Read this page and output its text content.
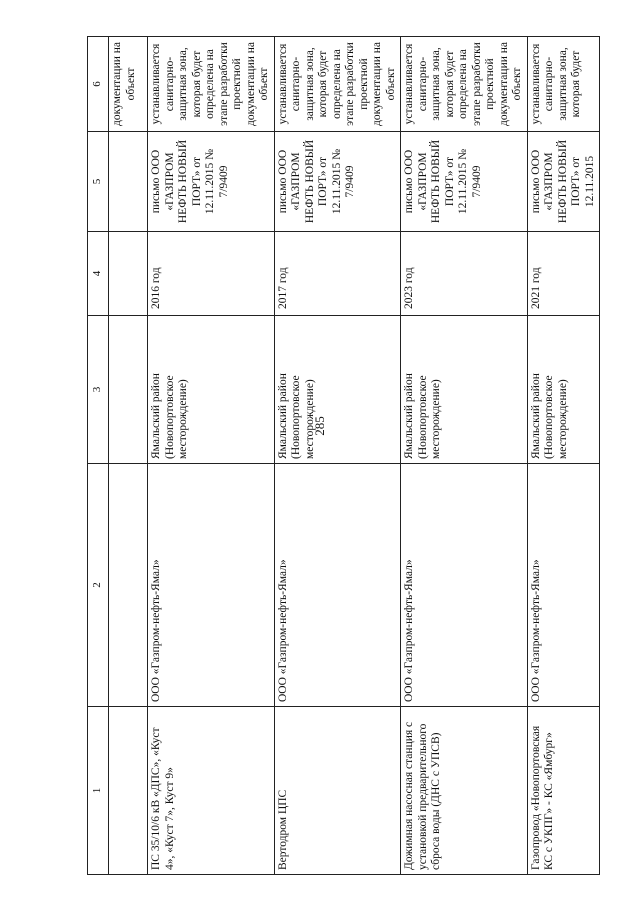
285
1	2	3	4	5	6
					документации на объект
ПС 35/10/6 кВ «ДПС», «Куст 4», «Куст 7», Куст 9»	ООО «Газпром-нефть-Ямал»	Ямальский район (Новопортовское месторождение)	2016 год	письмо ООО «ГАЗПРОМ НЕФТЬ НОВЫЙ ПОРТ» от 12.11.2015 № 7/9409	устанавливается санитарно-защитная зона, которая будет определена на этапе разработки проектной документации на объект
Вертодром ЦПС	ООО «Газпром-нефть-Ямал»	Ямальский район (Новопортовское месторождение)	2017 год	письмо ООО «ГАЗПРОМ НЕФТЬ НОВЫЙ ПОРТ» от 12.11.2015 № 7/9409	устанавливается санитарно-защитная зона, которая будет определена на этапе разработки проектной документации на объект
Дожимная насосная станция с установкой предварительного сброса воды (ДНС с УПСВ)	ООО «Газпром-нефть-Ямал»	Ямальский район (Новопортовское месторождение)	2023 год	письмо ООО «ГАЗПРОМ НЕФТЬ НОВЫЙ ПОРТ» от 12.11.2015 № 7/9409	устанавливается санитарно-защитная зона, которая будет определена на этапе разработки проектной документации на объект
Газопровод «Новопортовская КС с УКПГ» - КС «Ямбург»	ООО «Газпром-нефть-Ямал»	Ямальский район (Новопортовское месторождение)	2021 год	письмо ООО «ГАЗПРОМ НЕФТЬ НОВЫЙ ПОРТ» от 12.11.2015	устанавливается санитарно-защитная зона, которая будет
